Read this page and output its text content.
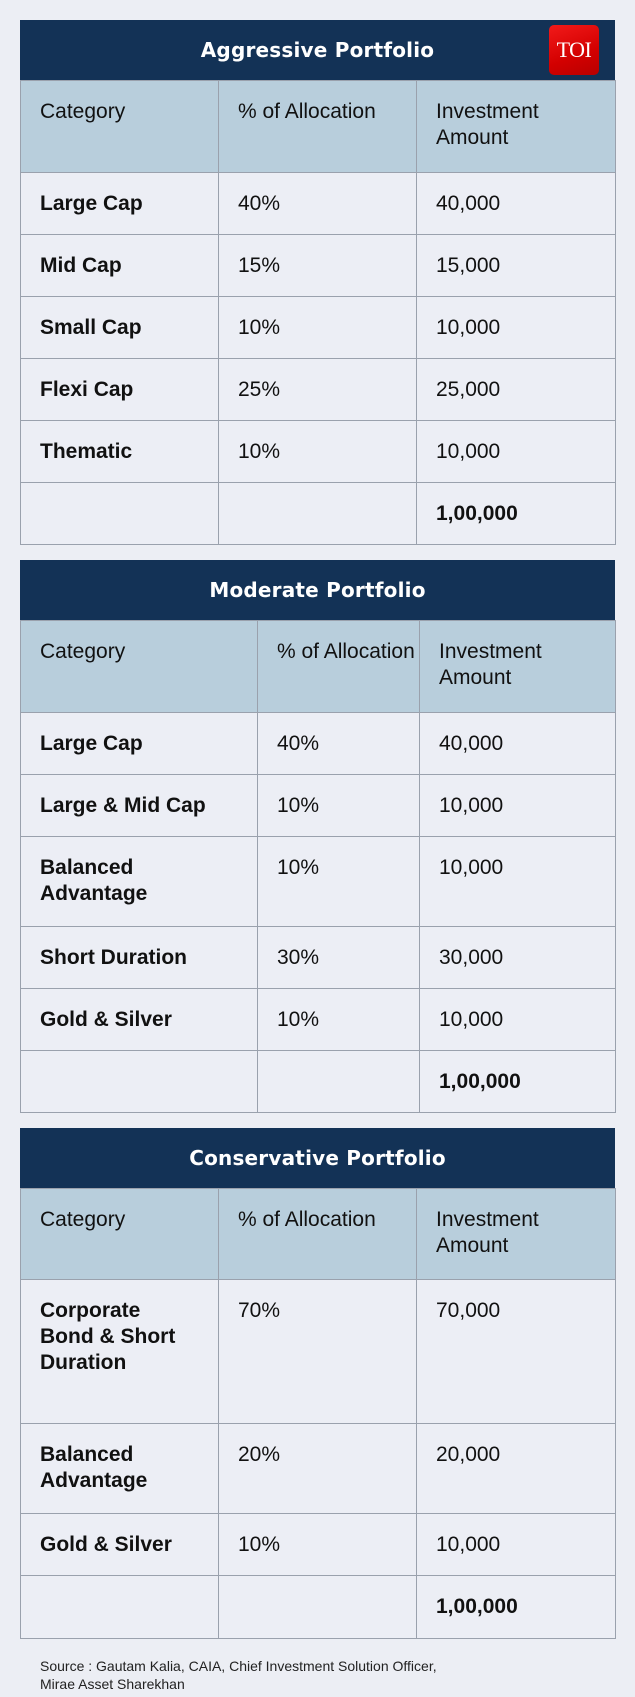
Aggressive Portfolio	TOI
Category	% of Allocation	Investment Amount
Large Cap	40%	40,000
Mid Cap	15%	15,000
Small Cap	10%	10,000
Flexi Cap	25%	25,000
Thematic	10%	10,000
		1,00,000
Moderate Portfolio
Category	% of Allocation	Investment Amount
Large Cap	40%	40,000
Large & Mid Cap	10%	10,000
Balanced Advantage	10%	10,000
Short Duration	30%	30,000
Gold & Silver	10%	10,000
		1,00,000
Conservative Portfolio
Category	% of Allocation	Investment Amount
Corporate Bond & Short Duration	70%	70,000
Balanced Advantage	20%	20,000
Gold & Silver	10%	10,000
		1,00,000
Source : Gautam Kalia, CAIA, Chief Investment Solution Officer,
Mirae Asset Sharekhan
